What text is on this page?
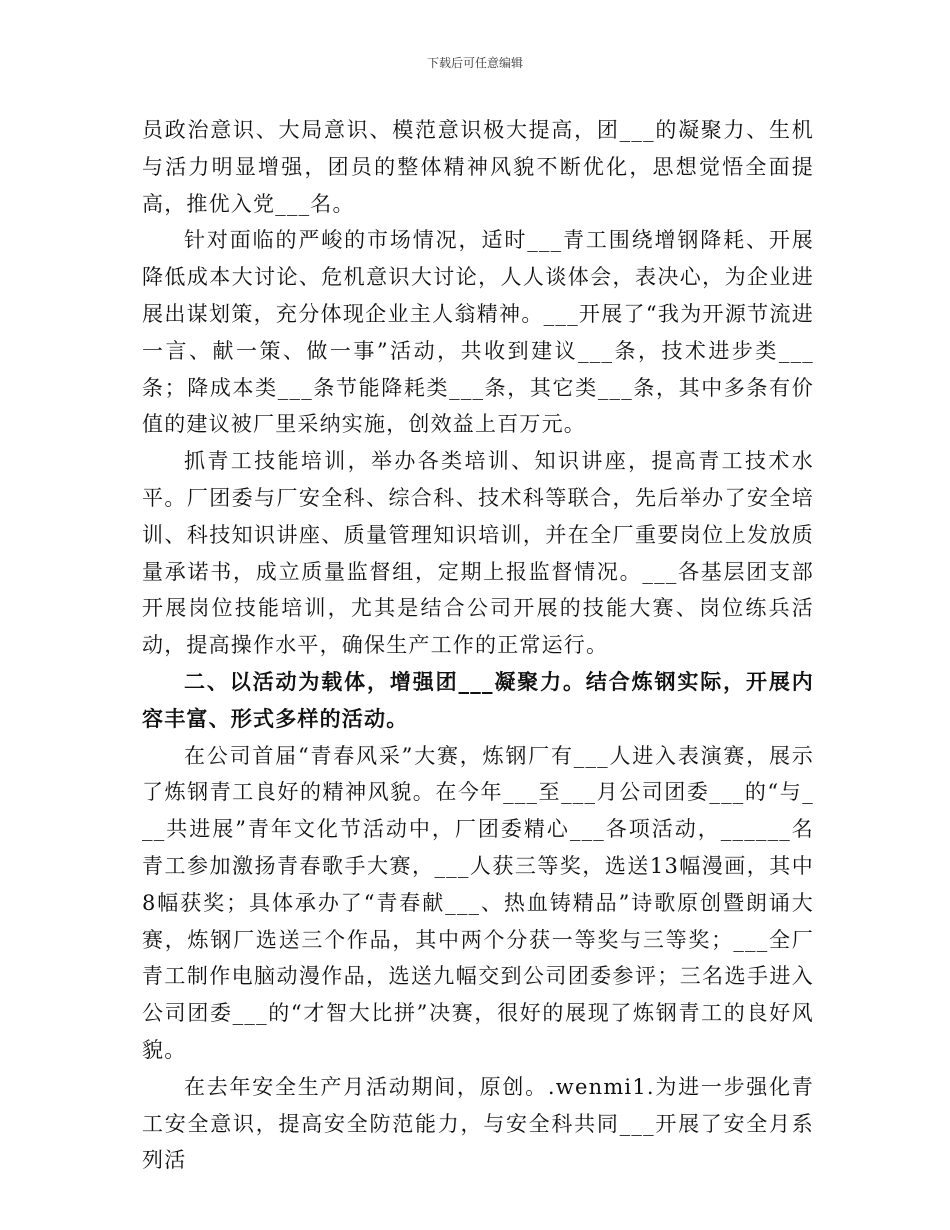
下载后可任意编辑

员政治意识、大局意识、模范意识极大提高，团___的凝聚力、生机与活力明显增强，团员的整体精神风貌不断优化，思想觉悟全面提高，推优入党___名。

针对面临的严峻的市场情况，适时___青工围绕增钢降耗、开展降低成本大讨论、危机意识大讨论，人人谈体会，表决心，为企业进展出谋划策，充分体现企业主人翁精神。___开展了“我为开源节流进一言、献一策、做一事”活动，共收到建议___条，技术进步类___条；降成本类___条节能降耗类___条，其它类___条，其中多条有价值的建议被厂里采纳实施，创效益上百万元。

抓青工技能培训，举办各类培训、知识讲座，提高青工技术水平。厂团委与厂安全科、综合科、技术科等联合，先后举办了安全培训、科技知识讲座、质量管理知识培训，并在全厂重要岗位上发放质量承诺书，成立质量监督组，定期上报监督情况。___各基层团支部开展岗位技能培训，尤其是结合公司开展的技能大赛、岗位练兵活动，提高操作水平，确保生产工作的正常运行。

二、以活动为载体，增强团___凝聚力。结合炼钢实际，开展内容丰富、形式多样的活动。

在公司首届“青春风采”大赛，炼钢厂有___人进入表演赛，展示了炼钢青工良好的精神风貌。在今年___至___月公司团委___的“与___共进展”青年文化节活动中，厂团委精心___各项活动，______名青工参加激扬青春歌手大赛，___人获三等奖，选送13幅漫画，其中8幅获奖；具体承办了“青春献___、热血铸精品”诗歌原创暨朗诵大赛，炼钢厂选送三个作品，其中两个分获一等奖与三等奖；___全厂青工制作电脑动漫作品，选送九幅交到公司团委参评；三名选手进入公司团委___的“才智大比拼”决赛，很好的展现了炼钢青工的良好风貌。

在去年安全生产月活动期间，原创。.wenmi1.为进一步强化青工安全意识，提高安全防范能力，与安全科共同___开展了安全月系列活
